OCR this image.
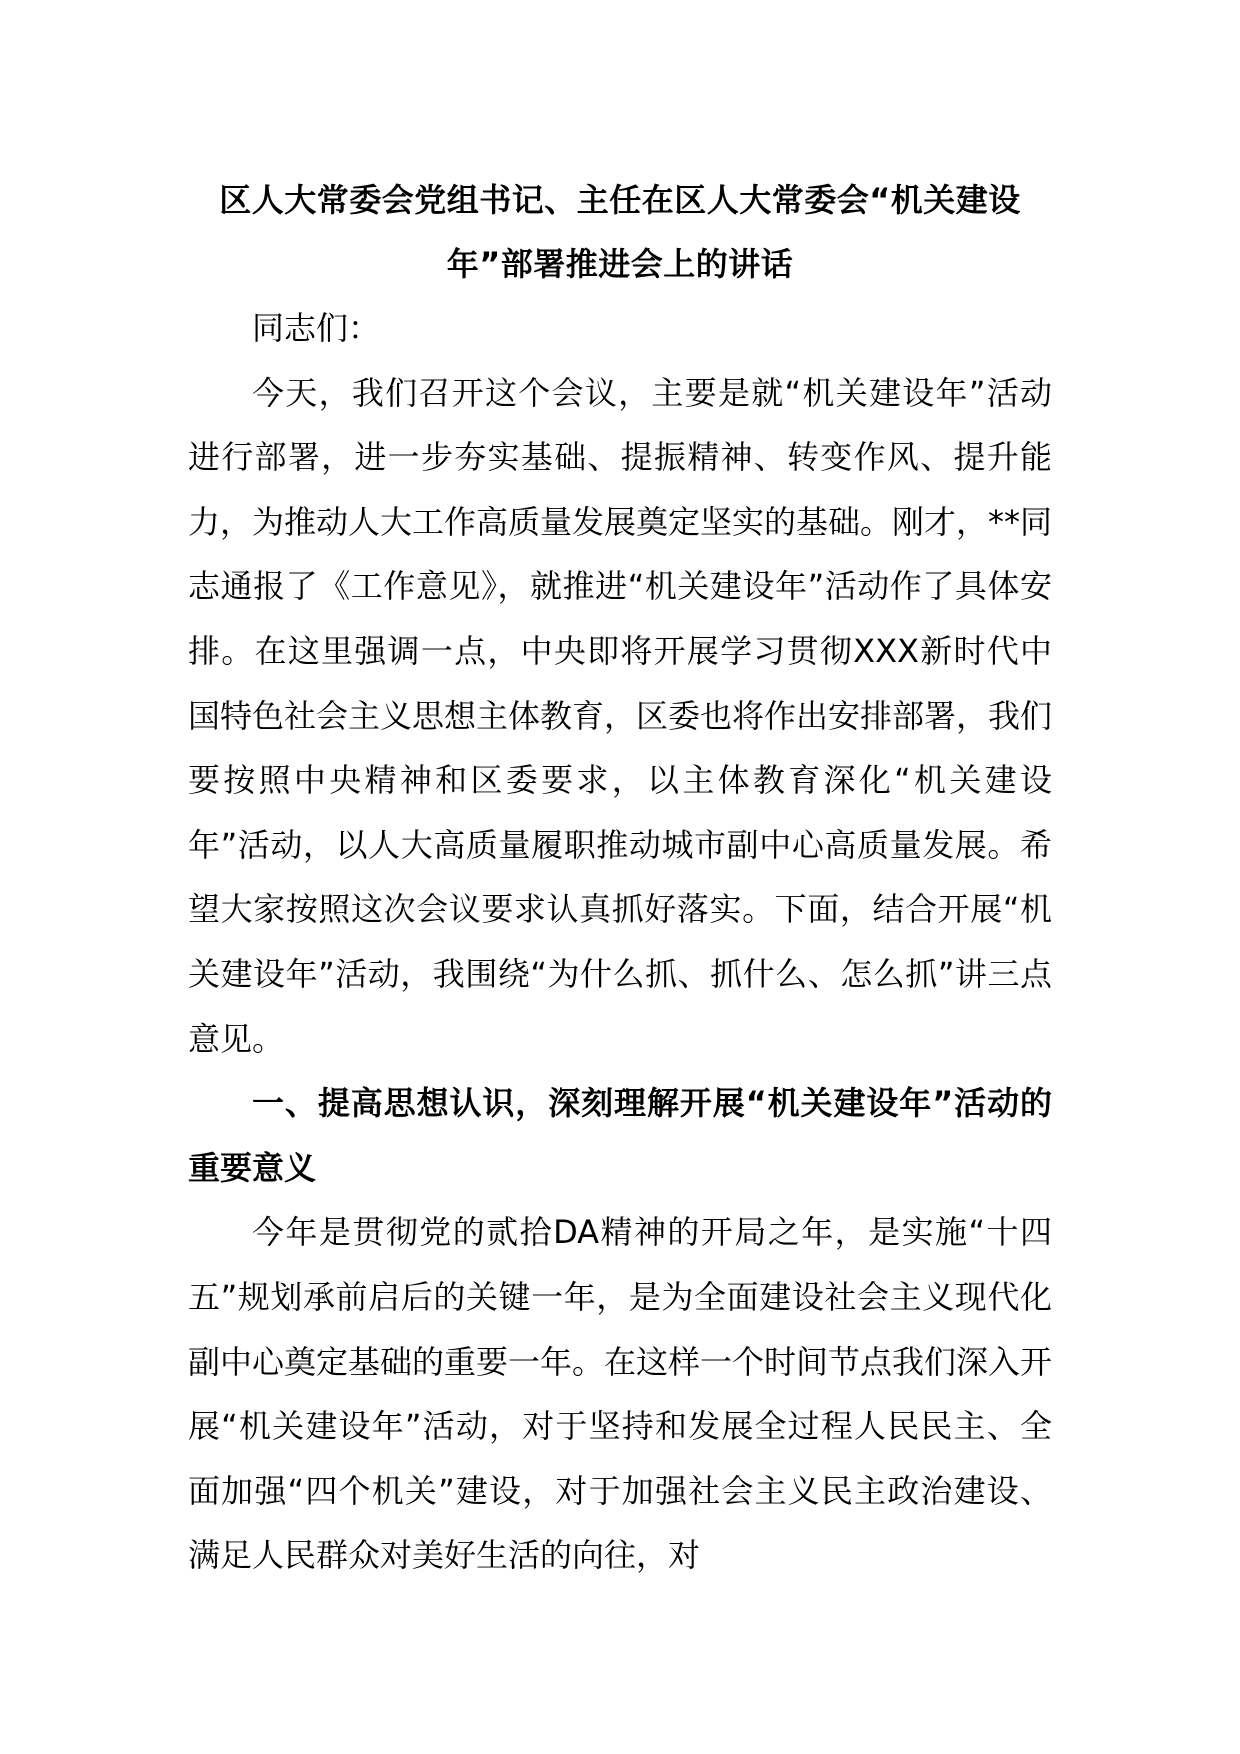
区人大常委会党组书记、主任在区人大常委会“机关建设年”部署推进会上的讲话

同志们：

今天，我们召开这个会议，主要是就“机关建设年”活动进行部署，进一步夯实基础、提振精神、转变作风、提升能力，为推动人大工作高质量发展奠定坚实的基础。刚才，**同志通报了《工作意见》，就推进“机关建设年”活动作了具体安排。在这里强调一点，中央即将开展学习贯彻XXX新时代中国特色社会主义思想主体教育，区委也将作出安排部署，我们要按照中央精神和区委要求，以主体教育深化“机关建设年”活动，以人大高质量履职推动城市副中心高质量发展。希望大家按照这次会议要求认真抓好落实。下面，结合开展“机关建设年”活动，我围绕“为什么抓、抓什么、怎么抓”讲三点意见。

一、提高思想认识，深刻理解开展“机关建设年”活动的重要意义

今年是贯彻党的贰拾DA精神的开局之年，是实施“十四五”规划承前启后的关键一年，是为全面建设社会主义现代化副中心奠定基础的重要一年。在这样一个时间节点我们深入开展“机关建设年”活动，对于坚持和发展全过程人民民主、全面加强“四个机关”建设，对于加强社会主义民主政治建设、满足人民群众对美好生活的向往，对
